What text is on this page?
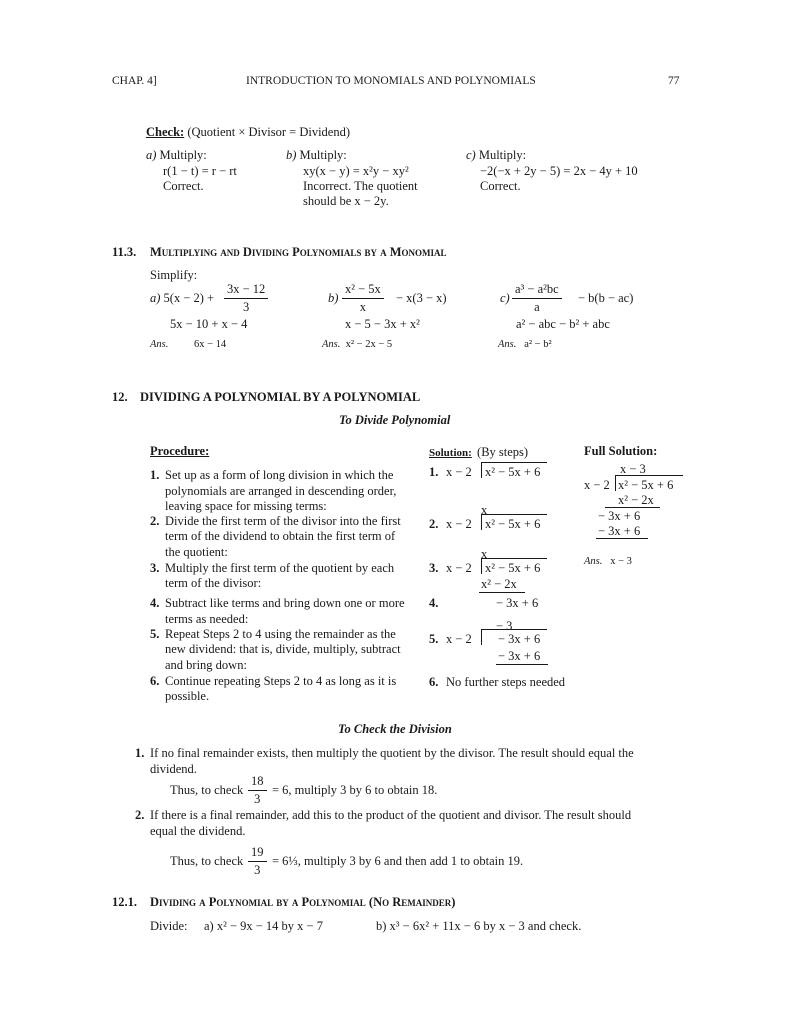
CHAP. 4]	INTRODUCTION TO MONOMIALS AND POLYNOMIALS	77
Check: (Quotient × Divisor = Dividend)
a) Multiply:
r(1 − t) = r − rt
Correct.
b) Multiply:
xy(x − y) = x²y − xy²
Incorrect. The quotient
should be x − 2y.
c) Multiply:
−2(−x + 2y − 5) = 2x − 4y + 10
Correct.
11.3. Multiplying and Dividing Polynomials by a Monomial
Simplify:
a) $5(x - 2) + \frac{3x - 12}{3}$
5x − 10 + x − 4
Ans. 6x − 14
$b) \frac{\text{x² − 5x}}{x} - x(3 - x)$
x − 5 − 3x + x²
Ans. x² − 2x − 5
$c) \frac{\text{a³ − a²bc}}{a} - b(b - ac)$
a² − abc − b² + abc
Ans. a² − b²
12. DIVIDING A POLYNOMIAL BY A POLYNOMIAL
To Divide Polynomial
Procedure:	Solution: (By steps)	Full Solution:
1. Set up as a form of long division in which the
polynomials are arranged in descending order,
leaving space for missing terms:
2. Divide the first term of the divisor into the first
term of the dividend to obtain the first term of
the quotient:
3. Multiply the first term of the quotient by each
term of the divisor:
4. Subtract like terms and bring down one or more
terms as needed:
5. Repeat Steps 2 to 4 using the remainder as the
new dividend: that is, divide, multiply, subtract
and bring down:
6. Continue repeating Steps 2 to 4 as long as it is
possible.
1. x − 2 x² − 5x + 6
x
2. x − 2 x² − 5x + 6
x
3. x − 2 x² − 5x + 6
x² − 2x
4.	− 3x + 6
− 3
5. x − 2 − 3x + 6
− 3x + 6
6. No further steps needed
x − 3
x − 2 x² − 5x + 6
x² − 2x
− 3x + 6
− 3x + 6
Ans. x − 3
To Check the Division
1. If no final remainder exists, then multiply the quotient by the divisor. The result should equal the
dividend.
Thus, to check $\frac{18}{3} = 6$, multiply 3 by 6 to obtain 18.
2. If there is a final remainder, add this to the product of the quotient and divisor. The result should
equal the dividend.
Thus, to check $\frac{19}{3}$ = 6⅓, multiply 3 by 6 and then add 1 to obtain 19.
12.1. Dividing a Polynomial by a Polynomial (No Remainder)
Divide: a) x² − 9x − 14 by x − 7	b) x³ − 6x² + 11x − 6 by x − 3 and check.
